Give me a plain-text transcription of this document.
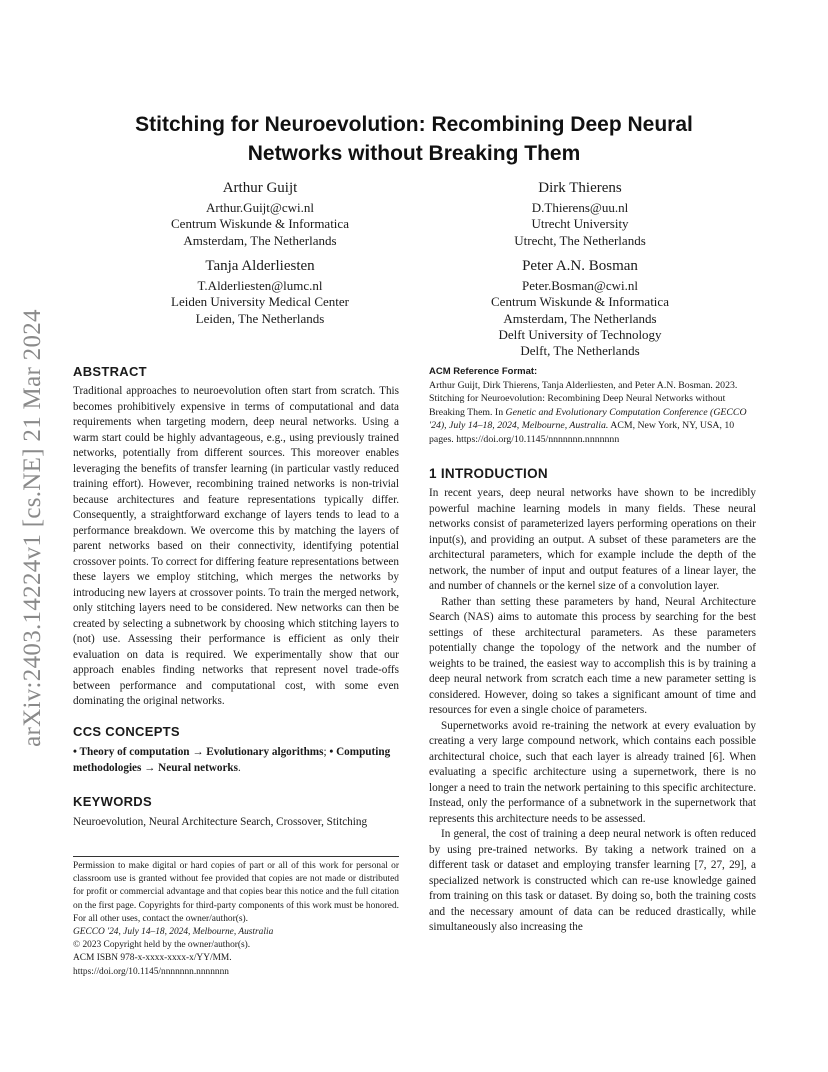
arXiv:2403.14224v1 [cs.NE] 21 Mar 2024
Stitching for Neuroevolution: Recombining Deep Neural
Networks without Breaking Them
Arthur Guijt
Arthur.Guijt@cwi.nl
Centrum Wiskunde & Informatica
Amsterdam, The Netherlands
Dirk Thierens
D.Thierens@uu.nl
Utrecht University
Utrecht, The Netherlands
Tanja Alderliesten
T.Alderliesten@lumc.nl
Leiden University Medical Center
Leiden, The Netherlands
Peter A.N. Bosman
Peter.Bosman@cwi.nl
Centrum Wiskunde & Informatica
Amsterdam, The Netherlands
Delft University of Technology
Delft, The Netherlands
ABSTRACT

Traditional approaches to neuroevolution often start from scratch. This becomes prohibitively expensive in terms of computational and data requirements when targeting modern, deep neural networks. Using a warm start could be highly advantageous, e.g., using previously trained networks, potentially from different sources. This moreover enables leveraging the benefits of transfer learning (in particular vastly reduced training effort). However, recombining trained networks is non-trivial because architectures and feature representations typically differ. Consequently, a straightforward exchange of layers tends to lead to a performance breakdown. We overcome this by matching the layers of parent networks based on their connectivity, identifying potential crossover points. To correct for differing feature representations between these layers we employ stitching, which merges the networks by introducing new layers at crossover points. To train the merged network, only stitching layers need to be considered. New networks can then be created by selecting a subnetwork by choosing which stitching layers to (not) use. Assessing their performance is efficient as only their evaluation on data is required. We experimentally show that our approach enables finding networks that represent novel trade-offs between performance and computational cost, with some even dominating the original networks.

CCS CONCEPTS

• Theory of computation → Evolutionary algorithms; • Computing methodologies → Neural networks.

KEYWORDS

Neuroevolution, Neural Architecture Search, Crossover, Stitching

Permission to make digital or hard copies of part or all of this work for personal or classroom use is granted without fee provided that copies are not made or distributed for profit or commercial advantage and that copies bear this notice and the full citation on the first page. Copyrights for third-party components of this work must be honored. For all other uses, contact the owner/author(s).

GECCO '24, July 14–18, 2024, Melbourne, Australia

© 2023 Copyright held by the owner/author(s).

ACM ISBN 978-x-xxxx-xxxx-x/YY/MM.

https://doi.org/10.1145/nnnnnnn.nnnnnnn

ACM Reference Format:

Arthur Guijt, Dirk Thierens, Tanja Alderliesten, and Peter A.N. Bosman. 2023. Stitching for Neuroevolution: Recombining Deep Neural Networks without Breaking Them. In Genetic and Evolutionary Computation Conference (GECCO '24), July 14–18, 2024, Melbourne, Australia. ACM, New York, NY, USA, 10 pages. https://doi.org/10.1145/nnnnnnn.nnnnnnn

1 INTRODUCTION

In recent years, deep neural networks have shown to be incredibly powerful machine learning models in many fields. These neural networks consist of parameterized layers performing operations on their input(s), and providing an output. A subset of these parameters are the architectural parameters, which for example include the depth of the network, the number of input and output features of a linear layer, the and number of channels or the kernel size of a convolution layer.

Rather than setting these parameters by hand, Neural Architecture Search (NAS) aims to automate this process by searching for the best settings of these architectural parameters. As these parameters potentially change the topology of the network and the number of weights to be trained, the easiest way to accomplish this is by training a deep neural network from scratch each time a new parameter setting is considered. However, doing so takes a significant amount of time and resources for even a single choice of parameters.

Supernetworks avoid re-training the network at every evaluation by creating a very large compound network, which contains each possible architectural choice, such that each layer is already trained [6]. When evaluating a specific architecture using a supernetwork, there is no longer a need to train the network pertaining to this specific architecture. Instead, only the performance of a subnetwork in the supernetwork that represents this architecture needs to be assessed.

In general, the cost of training a deep neural network is often reduced by using pre-trained networks. By taking a network trained on a different task or dataset and employing transfer learning [7, 27, 29], a specialized network is constructed which can re-use knowledge gained from training on this task or dataset. By doing so, both the training costs and the necessary amount of data can be reduced drastically, while simultaneously also increasing the
